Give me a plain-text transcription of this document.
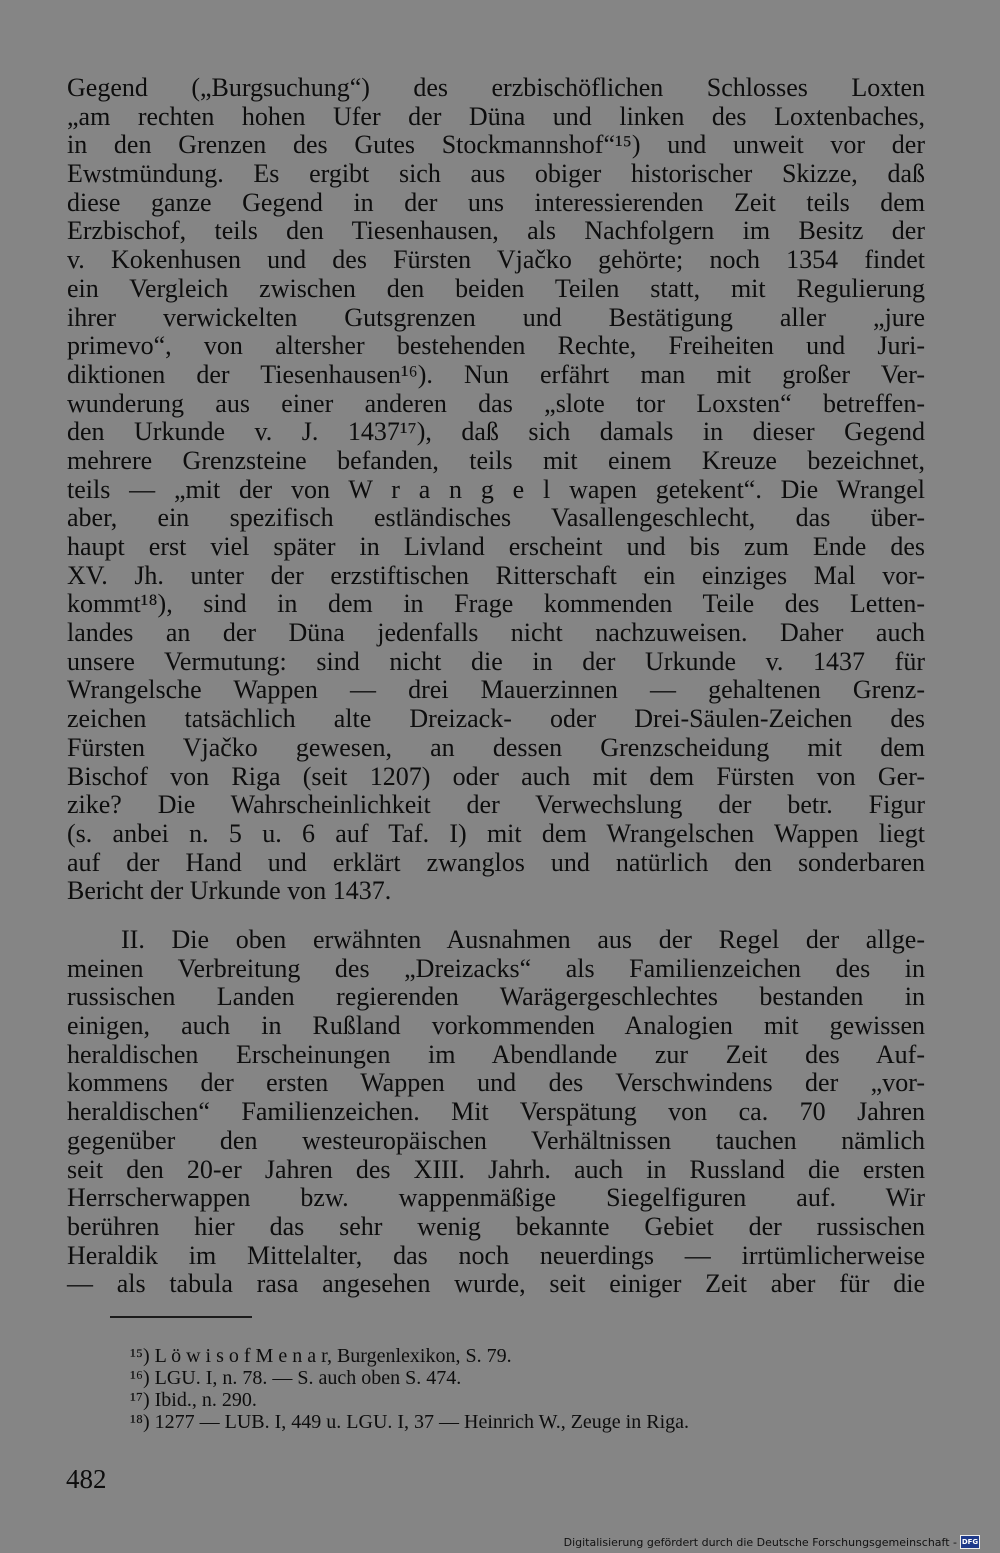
Gegend („Burgsuchung“) des erzbischöflichen Schlosses Loxten
„am rechten hohen Ufer der Düna und linken des Loxtenbaches,
in den Grenzen des Gutes Stockmannshof“¹⁵) und unweit vor der
Ewstmündung. Es ergibt sich aus obiger historischer Skizze, daß
diese ganze Gegend in der uns interessierenden Zeit teils dem
Erzbischof, teils den Tiesenhausen, als Nachfolgern im Besitz der
v. Kokenhusen und des Fürsten Vjačko gehörte; noch 1354 findet
ein Vergleich zwischen den beiden Teilen statt, mit Regulierung
ihrer verwickelten Gutsgrenzen und Bestätigung aller „jure
primevo“, von altersher bestehenden Rechte, Freiheiten und Juri-
diktionen der Tiesenhausen¹⁶). Nun erfährt man mit großer Ver-
wunderung aus einer anderen das „slote tor Loxsten“ betreffen-
den Urkunde v. J. 1437¹⁷), daß sich damals in dieser Gegend
mehrere Grenzsteine befanden, teils mit einem Kreuze bezeichnet,
teils — „mit der von W r a n g e l wapen getekent“. Die Wrangel
aber, ein spezifisch estländisches Vasallengeschlecht, das über-
haupt erst viel später in Livland erscheint und bis zum Ende des
XV. Jh. unter der erzstiftischen Ritterschaft ein einziges Mal vor-
kommt¹⁸), sind in dem in Frage kommenden Teile des Letten-
landes an der Düna jedenfalls nicht nachzuweisen. Daher auch
unsere Vermutung: sind nicht die in der Urkunde v. 1437 für
Wrangelsche Wappen — drei Mauerzinnen — gehaltenen Grenz-
zeichen tatsächlich alte Dreizack- oder Drei-Säulen-Zeichen des
Fürsten Vjačko gewesen, an dessen Grenzscheidung mit dem
Bischof von Riga (seit 1207) oder auch mit dem Fürsten von Ger-
zike? Die Wahrscheinlichkeit der Verwechslung der betr. Figur
(s. anbei n. 5 u. 6 auf Taf. I) mit dem Wrangelschen Wappen liegt
auf der Hand und erklärt zwanglos und natürlich den sonderbaren
Bericht der Urkunde von 1437.
II. Die oben erwähnten Ausnahmen aus der Regel der allge-
meinen Verbreitung des „Dreizacks“ als Familienzeichen des in
russischen Landen regierenden Warägergeschlechtes bestanden in
einigen, auch in Rußland vorkommenden Analogien mit gewissen
heraldischen Erscheinungen im Abendlande zur Zeit des Auf-
kommens der ersten Wappen und des Verschwindens der „vor-
heraldischen“ Familienzeichen. Mit Verspätung von ca. 70 Jahren
gegenüber den westeuropäischen Verhältnissen tauchen nämlich
seit den 20-er Jahren des XIII. Jahrh. auch in Russland die ersten
Herrscherwappen bzw. wappenmäßige Siegelfiguren auf. Wir
berühren hier das sehr wenig bekannte Gebiet der russischen
Heraldik im Mittelalter, das noch neuerdings — irrtümlicherweise
— als tabula rasa angesehen wurde, seit einiger Zeit aber für die
¹⁵) L ö w i s o f M e n a r, Burgenlexikon, S. 79.
¹⁶) LGU. I, n. 78. — S. auch oben S. 474.
¹⁷) Ibid., n. 290.
¹⁸) 1277 — LUB. I, 449 u. LGU. I, 37 — Heinrich W., Zeuge in Riga.
482
Digitalisierung gefördert durch die Deutsche Forschungsgemeinschaft - DFG
